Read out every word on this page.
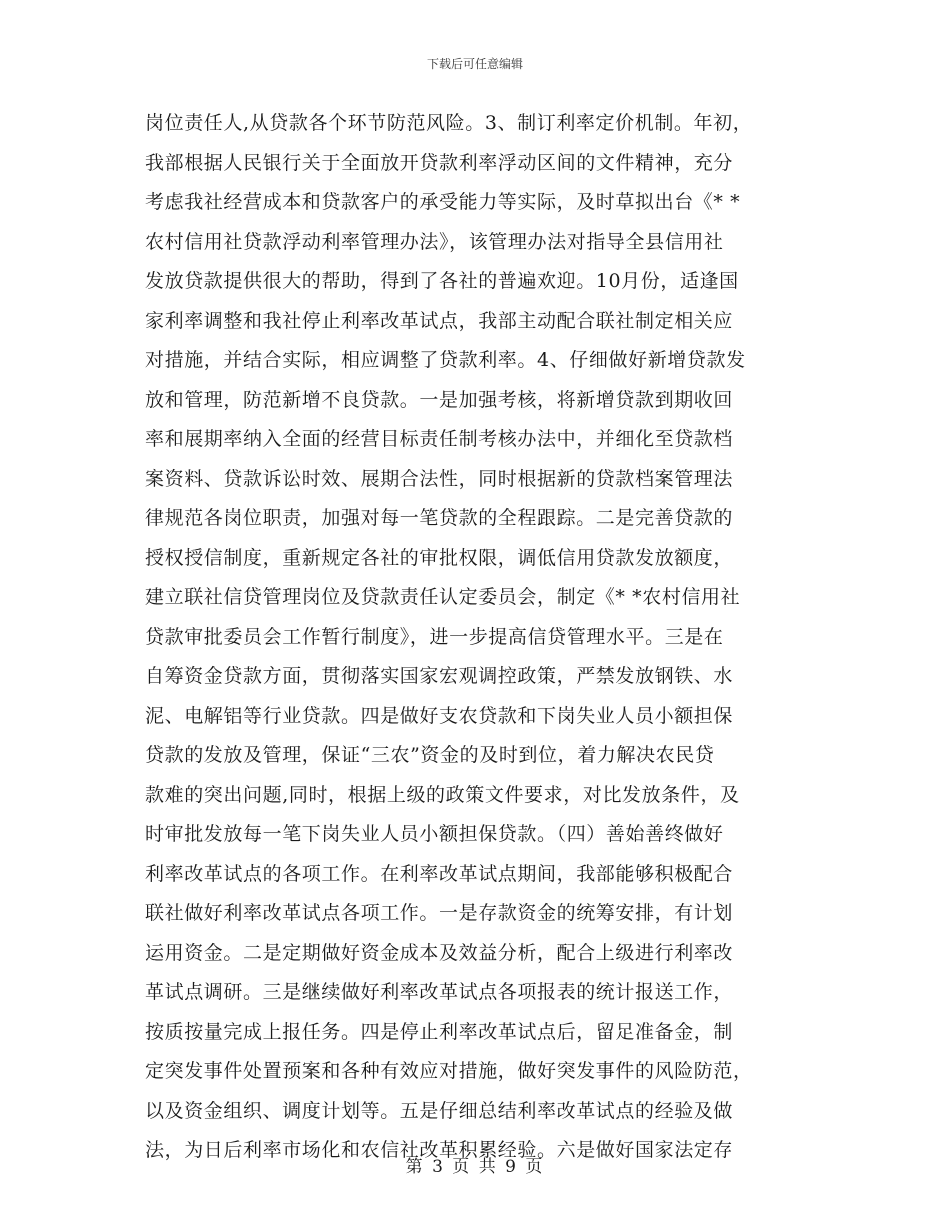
下载后可任意编辑
岗位责任人,从贷款各个环节防范风险。3、制订利率定价机制。年初，
我部根据人民银行关于全面放开贷款利率浮动区间的文件精神，充分
考虑我社经营成本和贷款客户的承受能力等实际，及时草拟出台《* *
农村信用社贷款浮动利率管理办法》，该管理办法对指导全县信用社
发放贷款提供很大的帮助，得到了各社的普遍欢迎。10月份，适逢国
家利率调整和我社停止利率改革试点，我部主动配合联社制定相关应
对措施，并结合实际，相应调整了贷款利率。4、仔细做好新增贷款发
放和管理，防范新增不良贷款。一是加强考核，将新增贷款到期收回
率和展期率纳入全面的经营目标责任制考核办法中，并细化至贷款档
案资料、贷款诉讼时效、展期合法性，同时根据新的贷款档案管理法
律规范各岗位职责，加强对每一笔贷款的全程跟踪。二是完善贷款的
授权授信制度，重新规定各社的审批权限，调低信用贷款发放额度，
建立联社信贷管理岗位及贷款责任认定委员会，制定《* *农村信用社
贷款审批委员会工作暂行制度》，进一步提高信贷管理水平。三是在
自筹资金贷款方面，贯彻落实国家宏观调控政策，严禁发放钢铁、水
泥、电解铝等行业贷款。四是做好支农贷款和下岗失业人员小额担保
贷款的发放及管理，保证“三农”资金的及时到位，着力解决农民贷
款难的突出问题,同时，根据上级的政策文件要求，对比发放条件，及
时审批发放每一笔下岗失业人员小额担保贷款。（四）善始善终做好
利率改革试点的各项工作。在利率改革试点期间，我部能够积极配合
联社做好利率改革试点各项工作。一是存款资金的统筹安排，有计划
运用资金。二是定期做好资金成本及效益分析，配合上级进行利率改
革试点调研。三是继续做好利率改革试点各项报表的统计报送工作，
按质按量完成上报任务。四是停止利率改革试点后，留足准备金，制
定突发事件处置预案和各种有效应对措施，做好突发事件的风险防范，
以及资金组织、调度计划等。五是仔细总结利率改革试点的经验及做
法，为日后利率市场化和农信社改革积累经验。六是做好国家法定存
第 3 页 共 9 页
